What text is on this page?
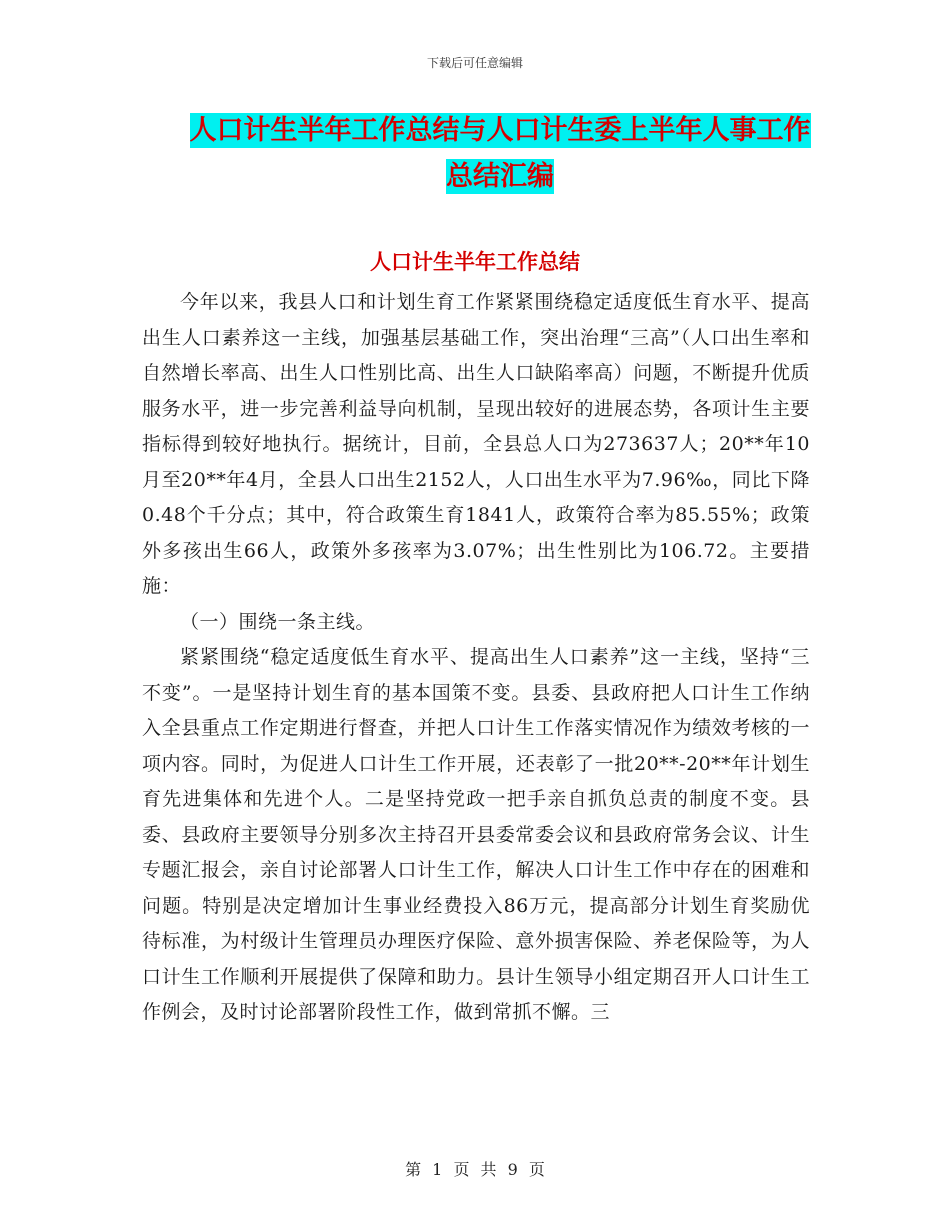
下载后可任意编辑
人口计生半年工作总结与人口计生委上半年人事工作
总结汇编
人口计生半年工作总结

今年以来，我县人口和计划生育工作紧紧围绕稳定适度低生育水平、提高出生人口素养这一主线，加强基层基础工作，突出治理“三高”（人口出生率和自然增长率高、出生人口性别比高、出生人口缺陷率高）问题，不断提升优质服务水平，进一步完善利益导向机制，呈现出较好的进展态势，各项计生主要指标得到较好地执行。据统计，目前，全县总人口为273637人；20**年10月至20**年4月，全县人口出生2152人，人口出生水平为7.96‰，同比下降0.48个千分点；其中，符合政策生育1841人，政策符合率为85.55%；政策外多孩出生66人，政策外多孩率为3.07%；出生性别比为106.72。主要措施：

（一）围绕一条主线。

紧紧围绕“稳定适度低生育水平、提高出生人口素养”这一主线，坚持“三不变”。一是坚持计划生育的基本国策不变。县委、县政府把人口计生工作纳入全县重点工作定期进行督查，并把人口计生工作落实情况作为绩效考核的一项内容。同时，为促进人口计生工作开展，还表彰了一批20**-20**年计划生育先进集体和先进个人。二是坚持党政一把手亲自抓负总责的制度不变。县委、县政府主要领导分别多次主持召开县委常委会议和县政府常务会议、计生专题汇报会，亲自讨论部署人口计生工作，解决人口计生工作中存在的困难和问题。特别是决定增加计生事业经费投入86万元，提高部分计划生育奖励优待标准，为村级计生管理员办理医疗保险、意外损害保险、养老保险等，为人口计生工作顺利开展提供了保障和助力。县计生领导小组定期召开人口计生工作例会，及时讨论部署阶段性工作，做到常抓不懈。三

第 1 页 共 9 页
